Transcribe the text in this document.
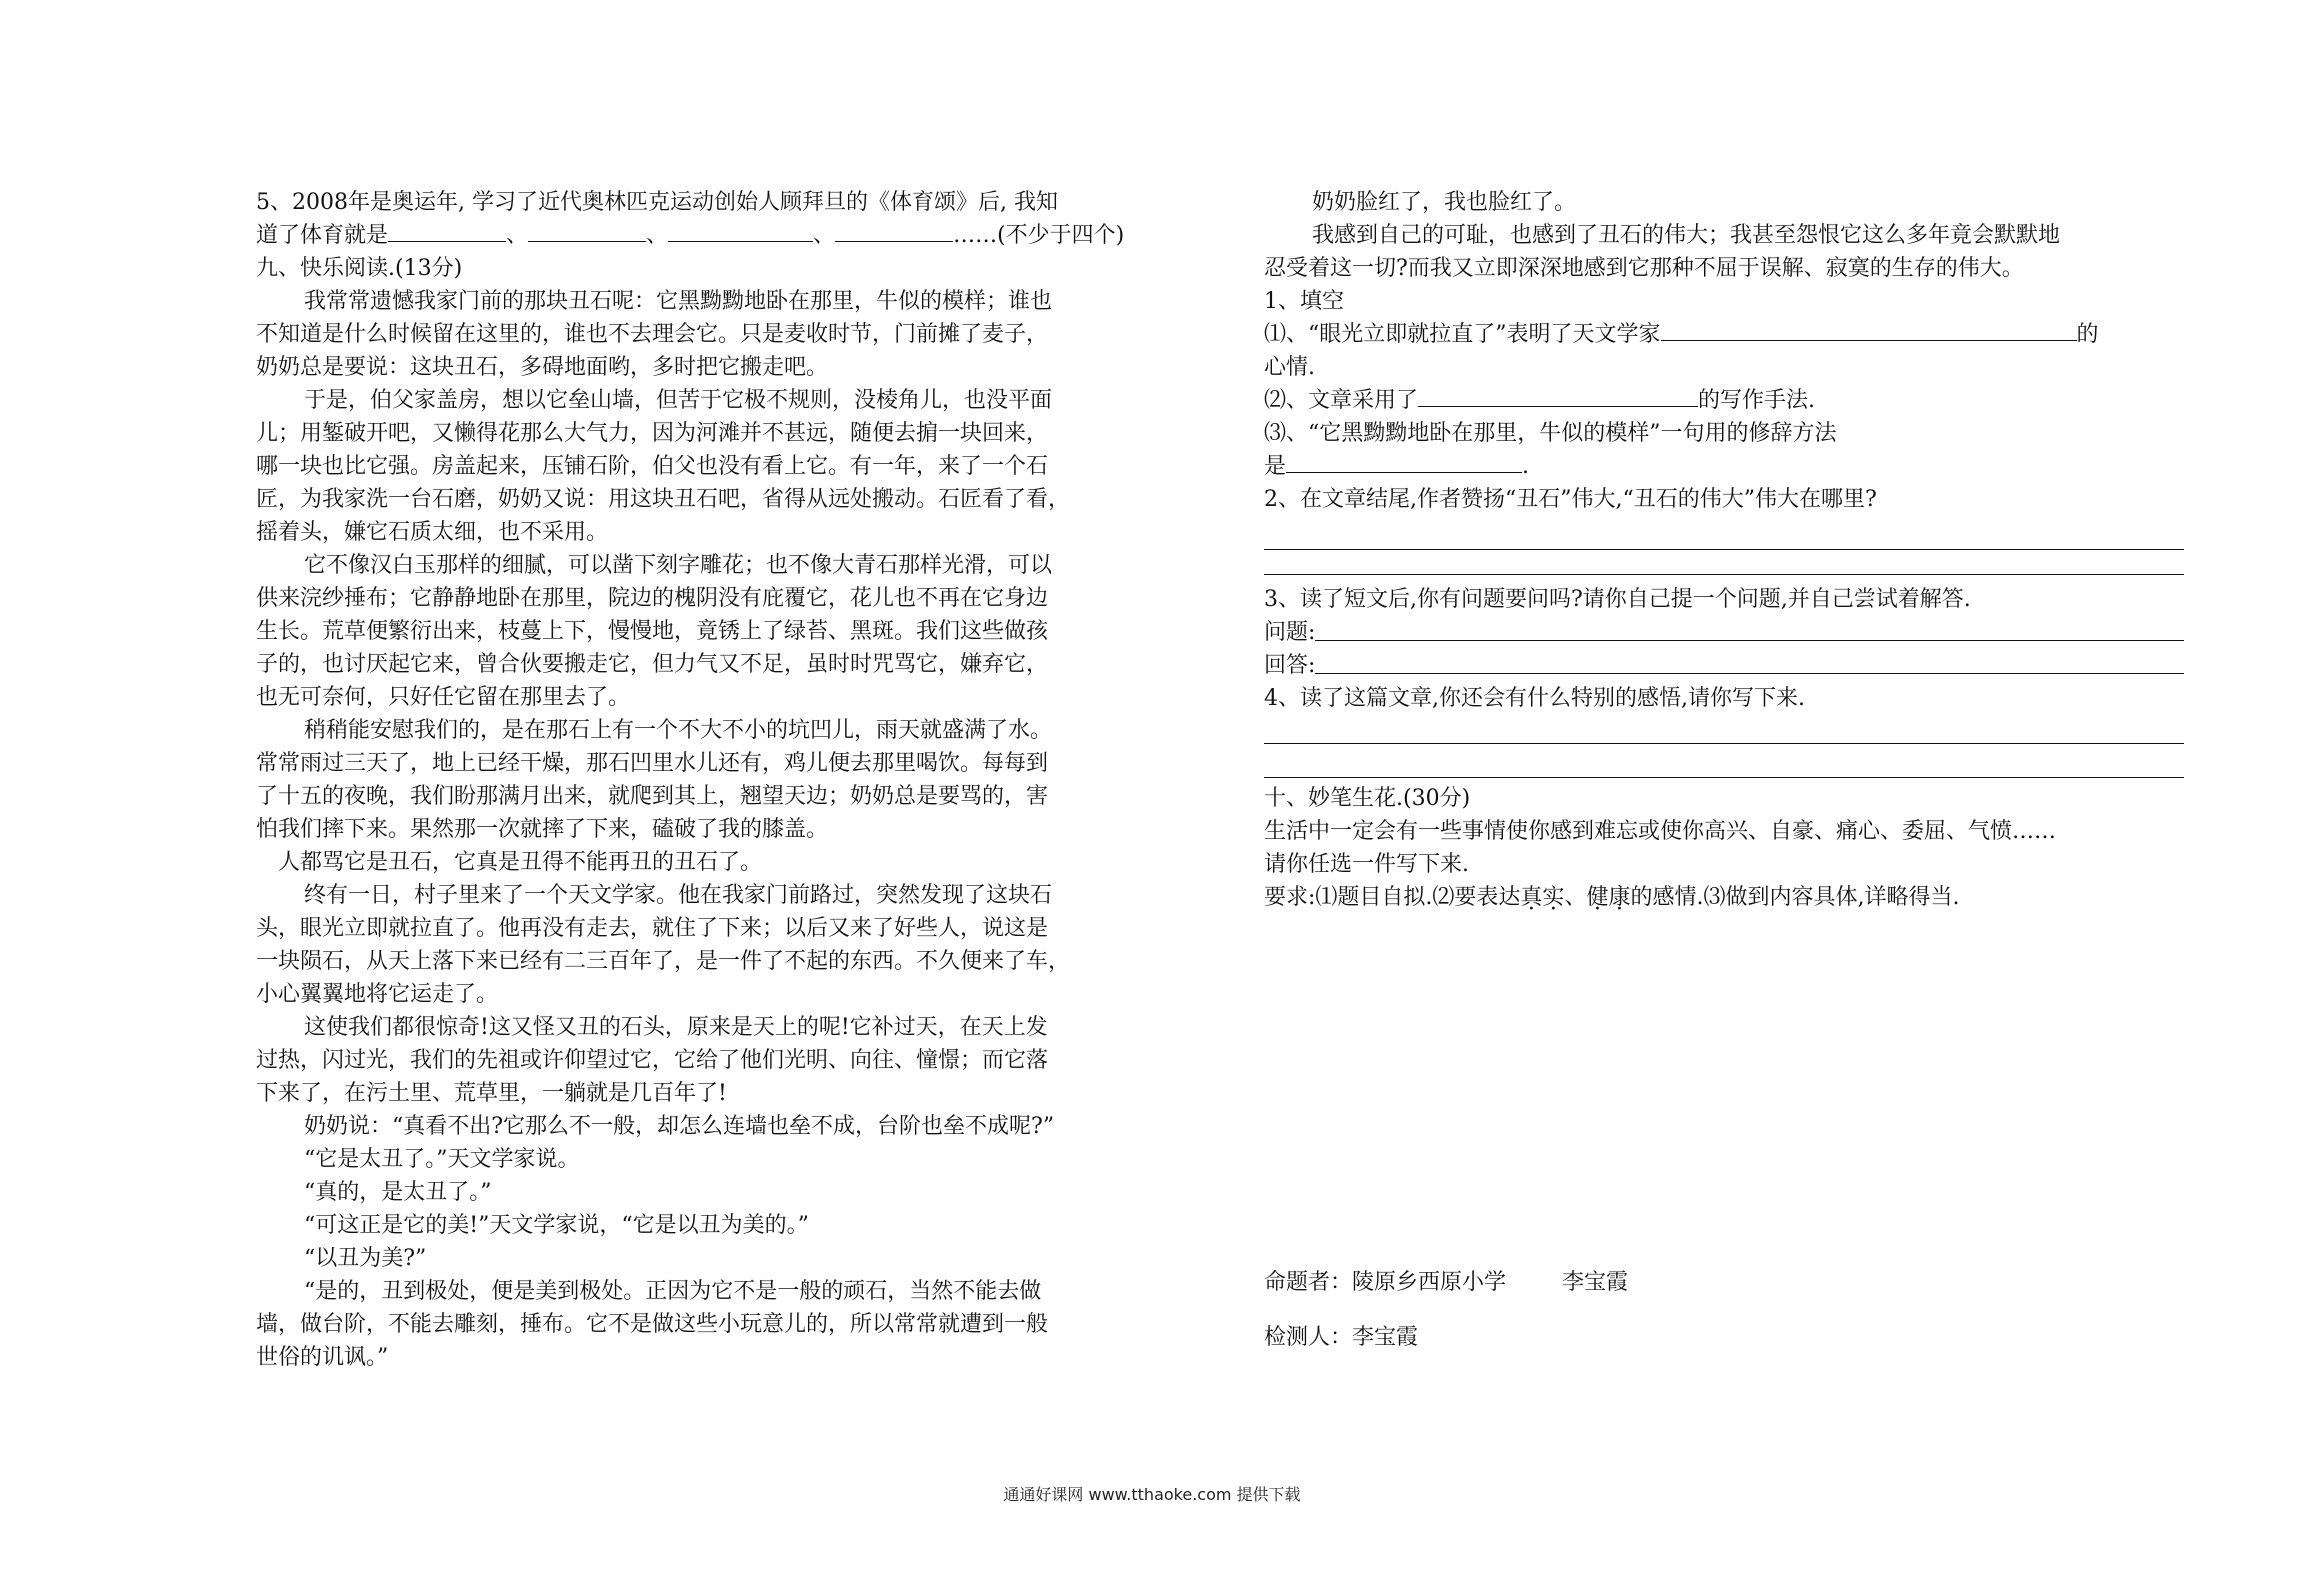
5、2008年是奥运年, 学习了近代奥林匹克运动创始人顾拜旦的《体育颂》后, 我知
道了体育就是	、	、	、	……(不少于四个)
九、快乐阅读.(13分)
我常常遗憾我家门前的那块丑石呢：它黑黝黝地卧在那里，牛似的模样；谁也
不知道是什么时候留在这里的，谁也不去理会它。只是麦收时节，门前摊了麦子，
奶奶总是要说：这块丑石，多碍地面哟，多时把它搬走吧。
于是，伯父家盖房，想以它垒山墙，但苦于它极不规则，没棱角儿，也没平面
儿；用錾破开吧，又懒得花那么大气力，因为河滩并不甚远，随便去掮一块回来，
哪一块也比它强。房盖起来，压铺石阶，伯父也没有看上它。有一年，来了一个石
匠，为我家洗一台石磨，奶奶又说：用这块丑石吧，省得从远处搬动。石匠看了看，
摇着头，嫌它石质太细，也不采用。
它不像汉白玉那样的细腻，可以凿下刻字雕花；也不像大青石那样光滑，可以
供来浣纱捶布；它静静地卧在那里，院边的槐阴没有庇覆它，花儿也不再在它身边
生长。荒草便繁衍出来，枝蔓上下，慢慢地，竟锈上了绿苔、黑斑。我们这些做孩
子的，也讨厌起它来，曾合伙要搬走它，但力气又不足，虽时时咒骂它，嫌弃它，
也无可奈何，只好任它留在那里去了。
稍稍能安慰我们的，是在那石上有一个不大不小的坑凹儿，雨天就盛满了水。
常常雨过三天了，地上已经干燥，那石凹里水儿还有，鸡儿便去那里喝饮。每每到
了十五的夜晚，我们盼那满月出来，就爬到其上，翘望天边；奶奶总是要骂的，害
怕我们摔下来。果然那一次就摔了下来，磕破了我的膝盖。
人都骂它是丑石，它真是丑得不能再丑的丑石了。
终有一日，村子里来了一个天文学家。他在我家门前路过，突然发现了这块石
头，眼光立即就拉直了。他再没有走去，就住了下来；以后又来了好些人，说这是
一块陨石，从天上落下来已经有二三百年了，是一件了不起的东西。不久便来了车，
小心翼翼地将它运走了。
这使我们都很惊奇!这又怪又丑的石头，原来是天上的呢!它补过天，在天上发
过热，闪过光，我们的先祖或许仰望过它，它给了他们光明、向往、憧憬；而它落
下来了，在污土里、荒草里，一躺就是几百年了!
奶奶说：“真看不出?它那么不一般，却怎么连墙也垒不成，台阶也垒不成呢?”
“它是太丑了。”天文学家说。
“真的，是太丑了。”
“可这正是它的美!”天文学家说，“它是以丑为美的。”
“以丑为美?”
“是的，丑到极处，便是美到极处。正因为它不是一般的顽石，当然不能去做
墙，做台阶，不能去雕刻，捶布。它不是做这些小玩意儿的，所以常常就遭到一般
世俗的讥讽。”
奶奶脸红了，我也脸红了。
我感到自己的可耻，也感到了丑石的伟大；我甚至怨恨它这么多年竟会默默地
忍受着这一切?而我又立即深深地感到它那种不屈于误解、寂寞的生存的伟大。
1、填空
⑴、“眼光立即就拉直了”表明了天文学家	的
心情.
⑵、文章采用了	的写作手法.
⑶、“它黑黝黝地卧在那里，牛似的模样”一句用的修辞方法
是	.
2、在文章结尾,作者赞扬“丑石”伟大,“丑石的伟大”伟大在哪里?
3、读了短文后,你有问题要问吗?请你自己提一个问题,并自己尝试着解答.
问题:
回答:
4、读了这篇文章,你还会有什么特别的感悟,请你写下来.
十、妙笔生花.(30分)
生活中一定会有一些事情使你感到难忘或使你高兴、自豪、痛心、委屈、气愤……
请你任选一件写下来.
要求:⑴题目自拟.⑵要表达真实、健康的感情.⑶做到内容具体,详略得当.
命题者：陵原乡西原小学	李宝霞
检测人：李宝霞
通通好课网 www.tthaoke.com 提供下载
